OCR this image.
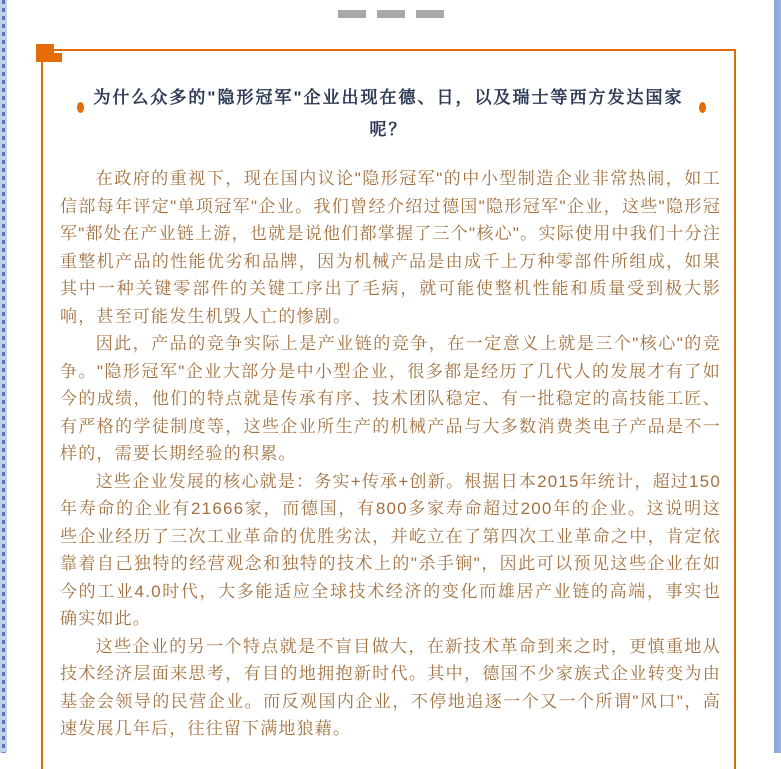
为什么众多的"隐形冠军"企业出现在德、日，以及瑞士等西方发达国家
呢？

在政府的重视下，现在国内议论"隐形冠军"的中小型制造企业非常热闹，如工信部每年评定"单项冠军"企业。我们曾经介绍过德国"隐形冠军"企业，这些"隐形冠军"都处在产业链上游，也就是说他们都掌握了三个"核心"。实际使用中我们十分注重整机产品的性能优劣和品牌，因为机械产品是由成千上万种零部件所组成，如果其中一种关键零部件的关键工序出了毛病，就可能使整机性能和质量受到极大影响，甚至可能发生机毁人亡的惨剧。

因此，产品的竞争实际上是产业链的竞争，在一定意义上就是三个"核心"的竞争。"隐形冠军"企业大部分是中小型企业，很多都是经历了几代人的发展才有了如今的成绩，他们的特点就是传承有序、技术团队稳定、有一批稳定的高技能工匠、有严格的学徒制度等，这些企业所生产的机械产品与大多数消费类电子产品是不一样的，需要长期经验的积累。

这些企业发展的核心就是：务实+传承+创新。根据日本2015年统计，超过150年寿命的企业有21666家，而德国，有800多家寿命超过200年的企业。这说明这些企业经历了三次工业革命的优胜劣汰，并屹立在了第四次工业革命之中，肯定依靠着自己独特的经营观念和独特的技术上的"杀手锏"，因此可以预见这些企业在如今的工业4.0时代，大多能适应全球技术经济的变化而雄居产业链的高端，事实也确实如此。

这些企业的另一个特点就是不盲目做大，在新技术革命到来之时，更慎重地从技术经济层面来思考，有目的地拥抱新时代。其中，德国不少家族式企业转变为由基金会领导的民营企业。而反观国内企业，不停地追逐一个又一个所谓"风口"，高速发展几年后，往往留下满地狼藉。
